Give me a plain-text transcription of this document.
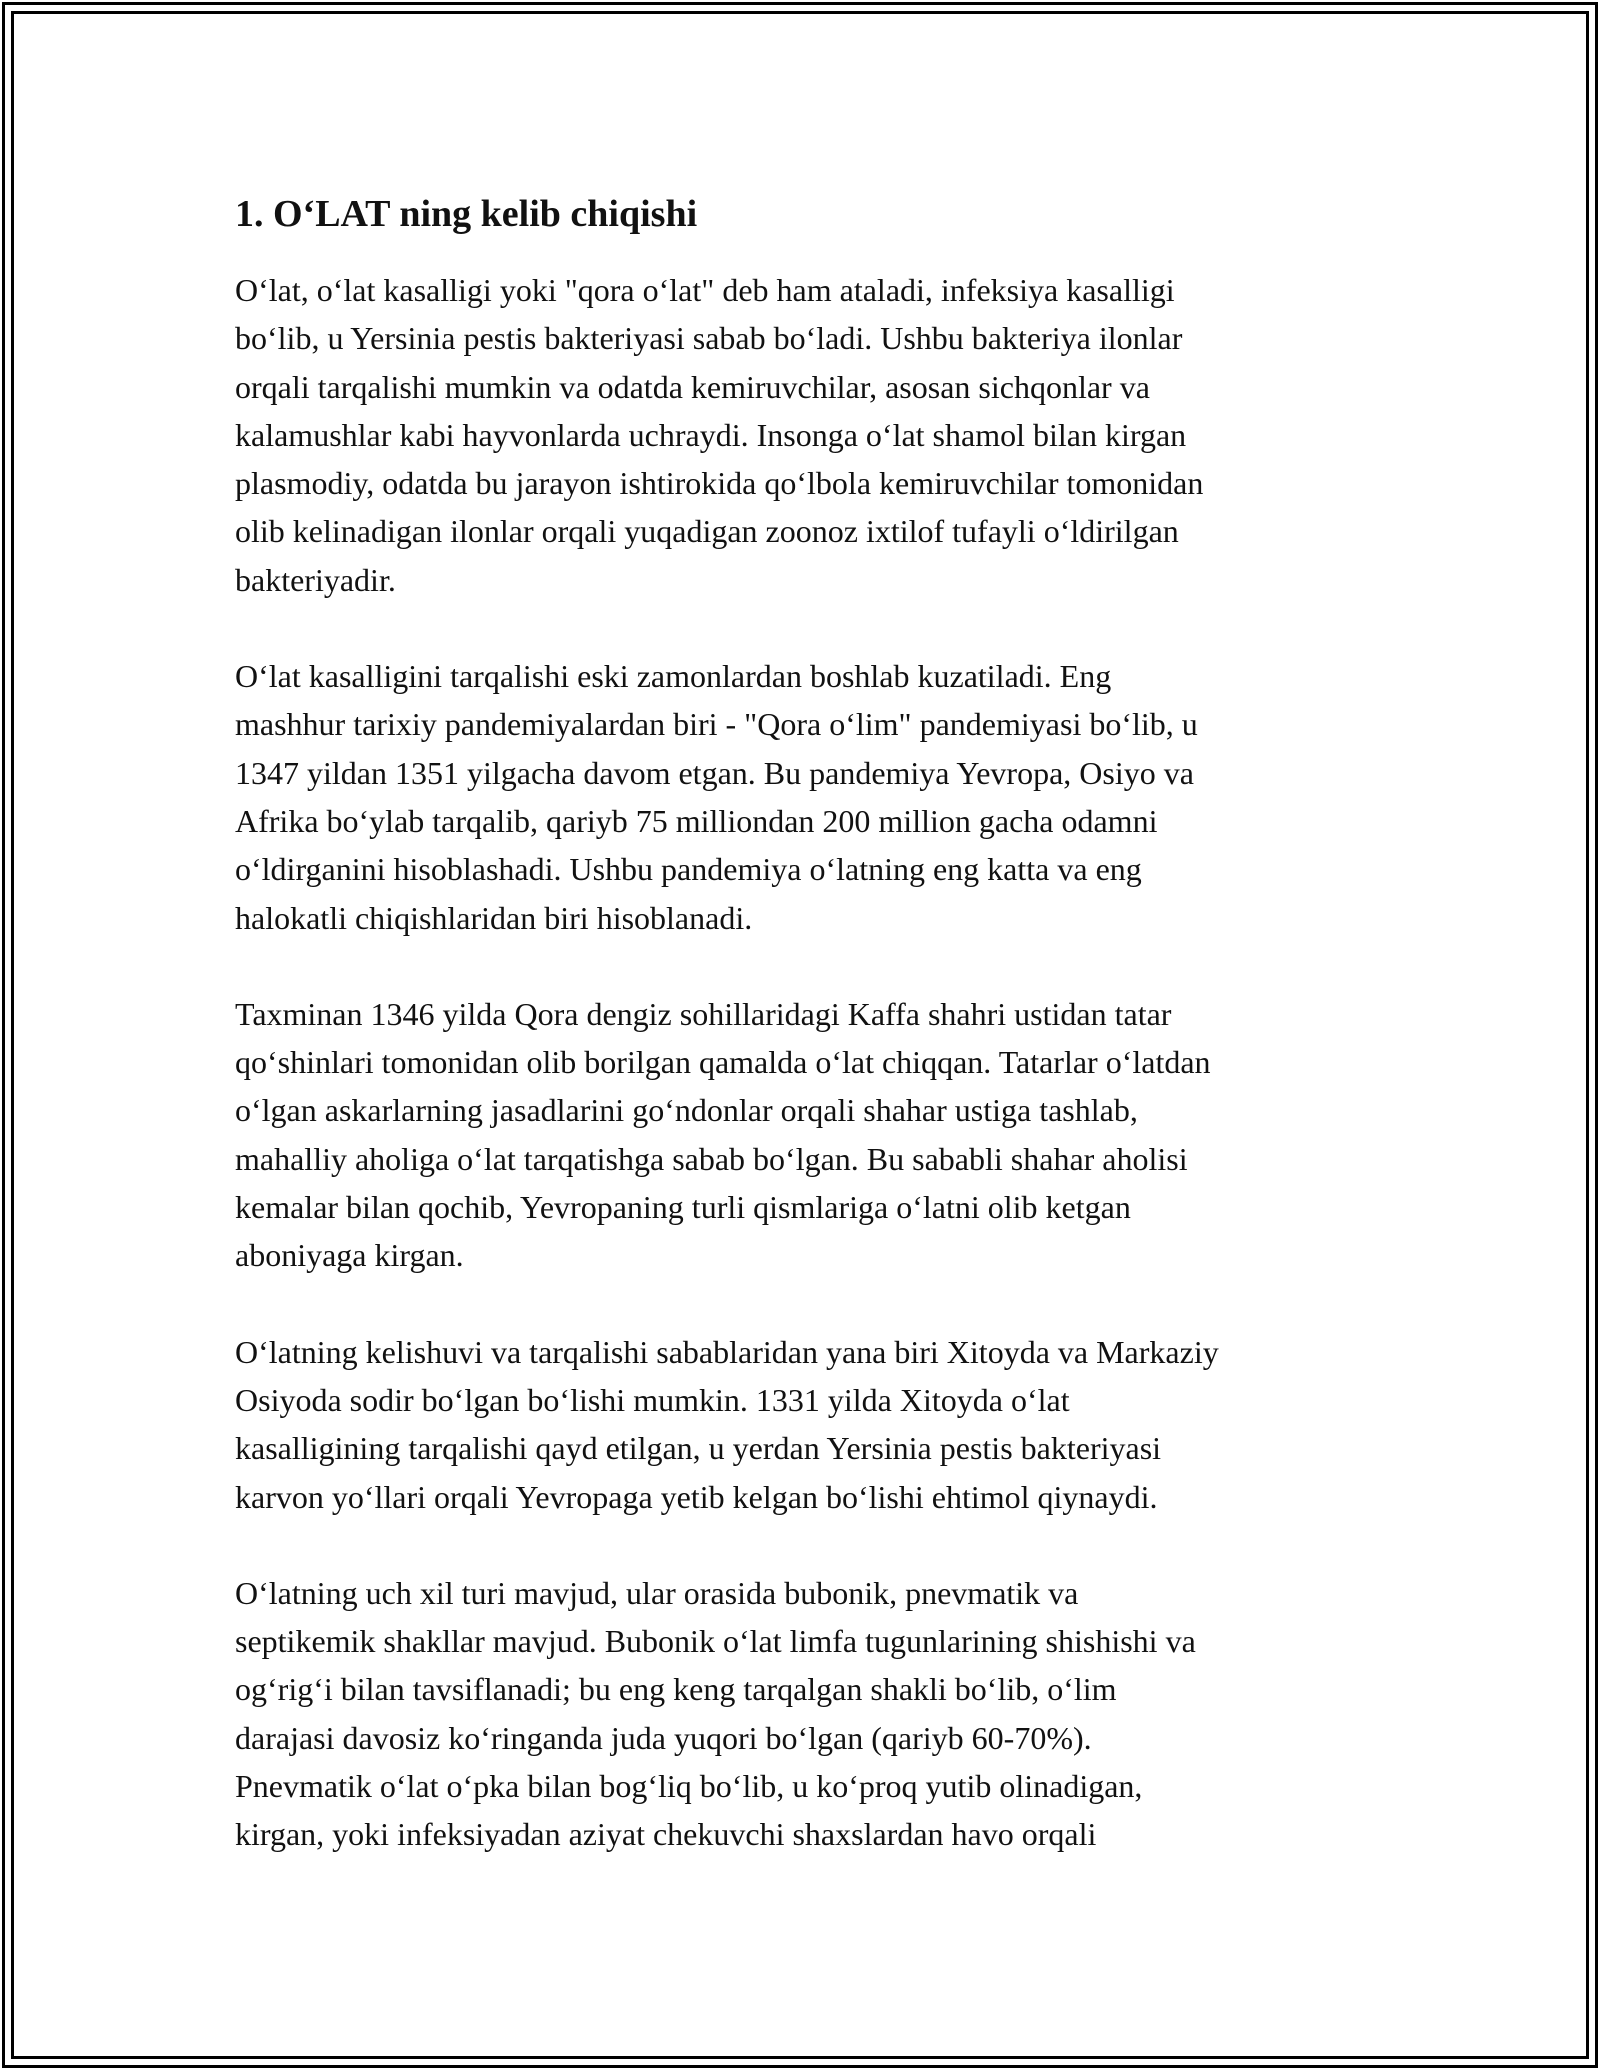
1. O‘LAT ning kelib chiqishi

O‘lat, o‘lat kasalligi yoki "qora o‘lat" deb ham ataladi, infeksiya kasalligi
bo‘lib, u Yersinia pestis bakteriyasi sabab bo‘ladi. Ushbu bakteriya ilonlar
orqali tarqalishi mumkin va odatda kemiruvchilar, asosan sichqonlar va
kalamushlar kabi hayvonlarda uchraydi. Insonga o‘lat shamol bilan kirgan
plasmodiy, odatda bu jarayon ishtirokida qo‘lbola kemiruvchilar tomonidan
olib kelinadigan ilonlar orqali yuqadigan zoonoz ixtilof tufayli o‘ldirilgan
bakteriyadir.

O‘lat kasalligini tarqalishi eski zamonlardan boshlab kuzatiladi. Eng
mashhur tarixiy pandemiyalardan biri - "Qora o‘lim" pandemiyasi bo‘lib, u
1347 yildan 1351 yilgacha davom etgan. Bu pandemiya Yevropa, Osiyo va
Afrika bo‘ylab tarqalib, qariyb 75 milliondan 200 million gacha odamni
o‘ldirganini hisoblashadi. Ushbu pandemiya o‘latning eng katta va eng
halokatli chiqishlaridan biri hisoblanadi.

Taxminan 1346 yilda Qora dengiz sohillaridagi Kaffa shahri ustidan tatar
qo‘shinlari tomonidan olib borilgan qamalda o‘lat chiqqan. Tatarlar o‘latdan
o‘lgan askarlarning jasadlarini go‘ndonlar orqali shahar ustiga tashlab,
mahalliy aholiga o‘lat tarqatishga sabab bo‘lgan. Bu sababli shahar aholisi
kemalar bilan qochib, Yevropaning turli qismlariga o‘latni olib ketgan
aboniyaga kirgan.

O‘latning kelishuvi va tarqalishi sabablaridan yana biri Xitoyda va Markaziy
Osiyoda sodir bo‘lgan bo‘lishi mumkin. 1331 yilda Xitoyda o‘lat
kasalligining tarqalishi qayd etilgan, u yerdan Yersinia pestis bakteriyasi
karvon yo‘llari orqali Yevropaga yetib kelgan bo‘lishi ehtimol qiynaydi.

O‘latning uch xil turi mavjud, ular orasida bubonik, pnevmatik va
septikemik shakllar mavjud. Bubonik o‘lat limfa tugunlarining shishishi va
og‘rig‘i bilan tavsiflanadi; bu eng keng tarqalgan shakli bo‘lib, o‘lim
darajasi davosiz ko‘ringanda juda yuqori bo‘lgan (qariyb 60-70%).
Pnevmatik o‘lat o‘pka bilan bog‘liq bo‘lib, u ko‘proq yutib olinadigan,
kirgan, yoki infeksiyadan aziyat chekuvchi shaxslardan havo orqali
